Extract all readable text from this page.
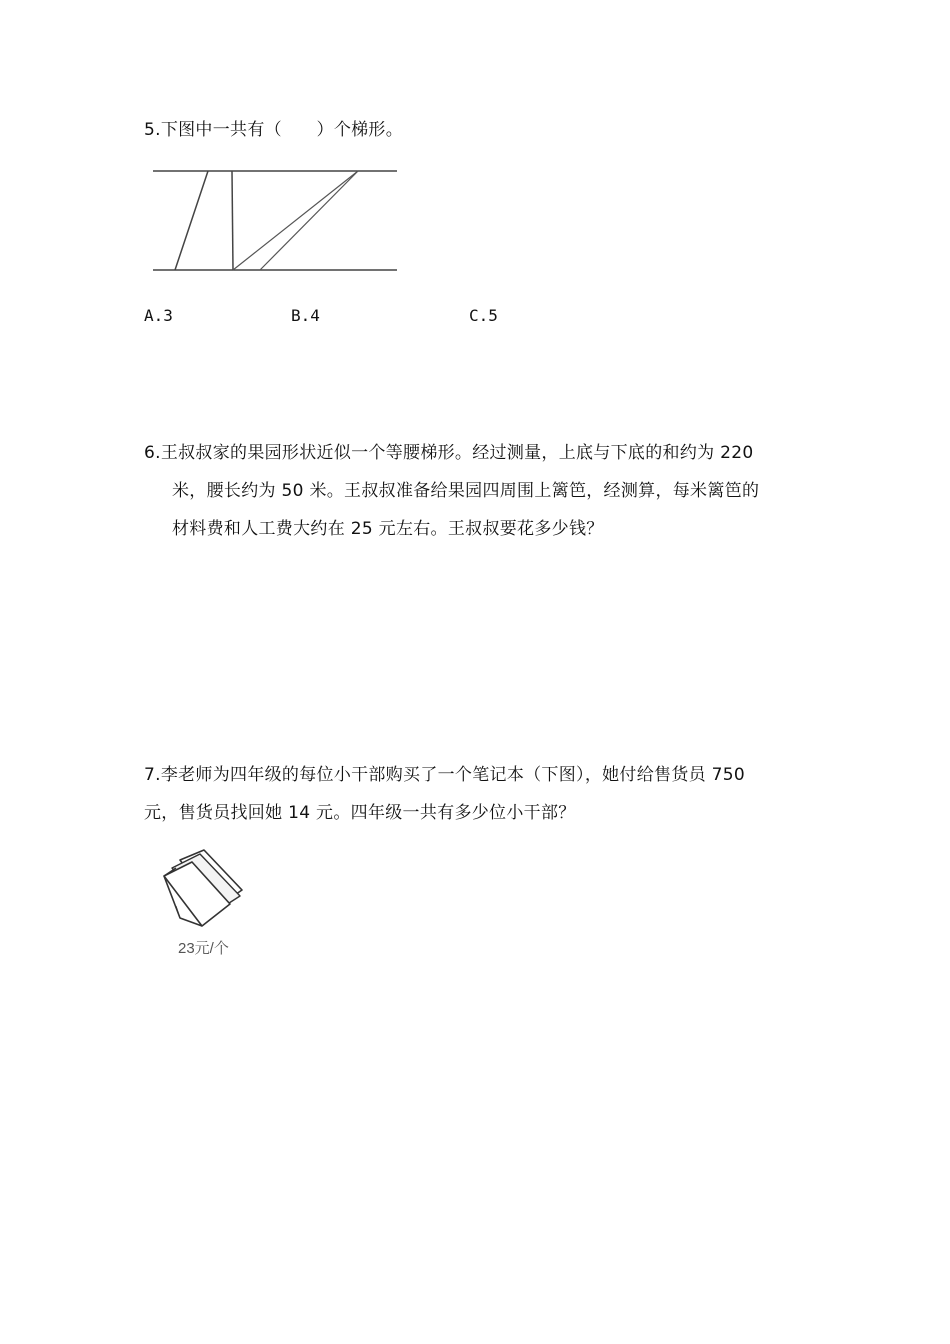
5.下图中一共有（　　）个梯形。
A.3	B.4	C.5
6.王叔叔家的果园形状近似一个等腰梯形。经过测量，上底与下底的和约为 220
米，腰长约为 50 米。王叔叔准备给果园四周围上篱笆，经测算，每米篱笆的
材料费和人工费大约在 25 元左右。王叔叔要花多少钱？
7.李老师为四年级的每位小干部购买了一个笔记本（下图），她付给售货员 750
元，售货员找回她 14 元。四年级一共有多少位小干部？
23元/个
